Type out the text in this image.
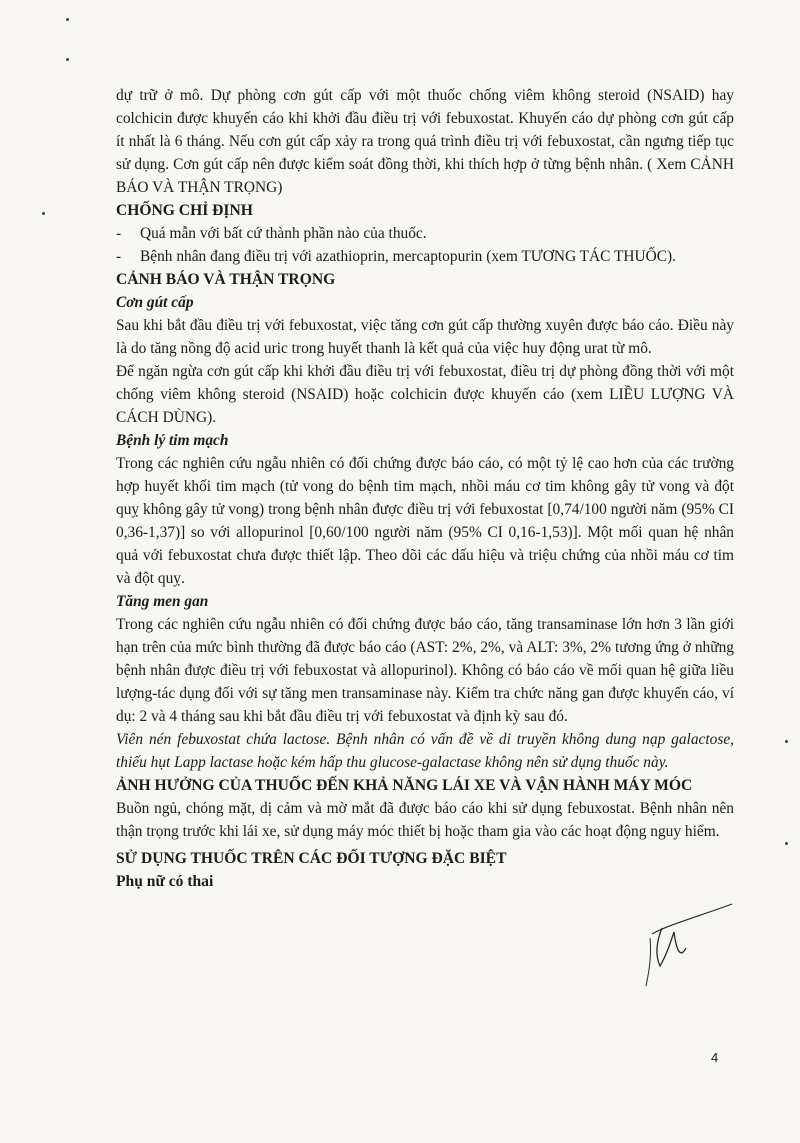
dự trữ ở mô. Dự phòng cơn gút cấp với một thuốc chống viêm không steroid (NSAID) hay colchicin được khuyến cáo khi khởi đầu điều trị với febuxostat. Khuyến cáo dự phòng cơn gút cấp ít nhất là 6 tháng. Nếu cơn gút cấp xảy ra trong quá trình điều trị với febuxostat, cần ngưng tiếp tục sử dụng. Cơn gút cấp nên được kiểm soát đồng thời, khi thích hợp ở từng bệnh nhân. ( Xem CẢNH BÁO VÀ THẬN TRỌNG)

CHỐNG CHỈ ĐỊNH

-	Quá mẫn với bất cứ thành phần nào của thuốc.
-	Bệnh nhân đang điều trị với azathioprin, mercaptopurin (xem TƯƠNG TÁC THUỐC).

CẢNH BÁO VÀ THẬN TRỌNG

Cơn gút cấp

Sau khi bắt đầu điều trị với febuxostat, việc tăng cơn gút cấp thường xuyên được báo cáo. Điều này là do tăng nồng độ acid uric trong huyết thanh là kết quả của việc huy động urat từ mô.

Để ngăn ngừa cơn gút cấp khi khởi đầu điều trị với febuxostat, điều trị dự phòng đồng thời với một chống viêm không steroid (NSAID) hoặc colchicin được khuyến cáo (xem LIỀU LƯỢNG VÀ CÁCH DÙNG).

Bệnh lý tim mạch

Trong các nghiên cứu ngẫu nhiên có đối chứng được báo cáo, có một tỷ lệ cao hơn của các trường hợp huyết khối tim mạch (tử vong do bệnh tim mạch, nhồi máu cơ tim không gây tử vong và đột quỵ không gây tử vong) trong bệnh nhân được điều trị với febuxostat [0,74/100 người năm (95% CI 0,36-1,37)] so với allopurinol [0,60/100 người năm (95% CI 0,16-1,53)]. Một mối quan hệ nhân quả với febuxostat chưa được thiết lập. Theo dõi các dấu hiệu và triệu chứng của nhồi máu cơ tim và đột quỵ.

Tăng men gan

Trong các nghiên cứu ngẫu nhiên có đối chứng được báo cáo, tăng transaminase lớn hơn 3 lần giới hạn trên của mức bình thường đã được báo cáo (AST: 2%, 2%, và ALT: 3%, 2% tương ứng ở những bệnh nhân được điều trị với febuxostat và allopurinol). Không có báo cáo về mối quan hệ giữa liều lượng-tác dụng đối với sự tăng men transaminase này. Kiểm tra chức năng gan được khuyến cáo, ví dụ: 2 và 4 tháng sau khi bắt đầu điều trị với febuxostat và định kỳ sau đó.

Viên nén febuxostat chứa lactose. Bệnh nhân có vấn đề về di truyền không dung nạp galactose, thiếu hụt Lapp lactase hoặc kém hấp thu glucose-galactase không nên sử dụng thuốc này.

ẢNH HƯỞNG CỦA THUỐC ĐẾN KHẢ NĂNG LÁI XE VÀ VẬN HÀNH MÁY MÓC

Buồn ngủ, chóng mặt, dị cảm và mờ mắt đã được báo cáo khi sử dụng febuxostat. Bệnh nhân nên thận trọng trước khi lái xe, sử dụng máy móc thiết bị hoặc tham gia vào các hoạt động nguy hiểm.

SỬ DỤNG THUỐC TRÊN CÁC ĐỐI TƯỢNG ĐẶC BIỆT

Phụ nữ có thai

4
